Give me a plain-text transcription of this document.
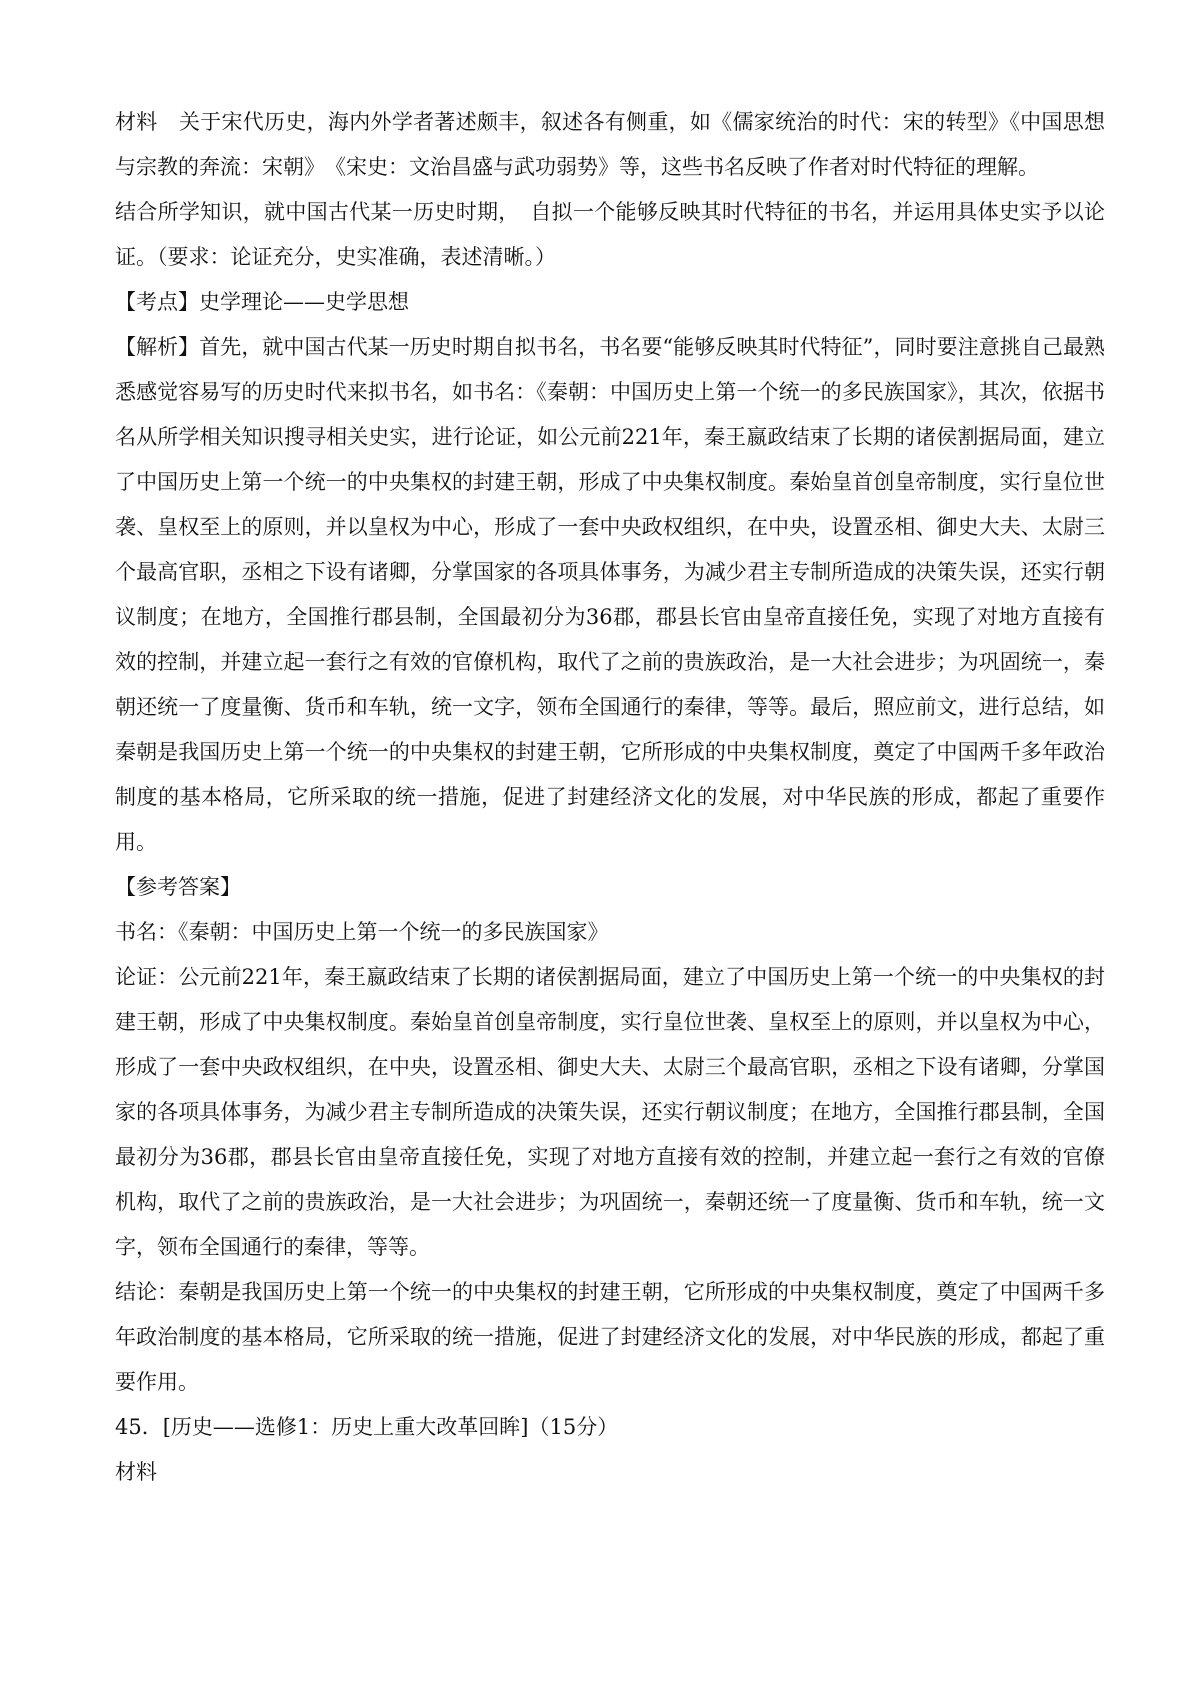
材料　关于宋代历史，海内外学者著述颇丰，叙述各有侧重，如《儒家统治的时代：宋的转型》《中国思想与宗教的奔流：宋朝》　《宋史：文治昌盛与武功弱势》等，这些书名反映了作者对时代特征的理解。

结合所学知识，就中国古代某一历史时期，　自拟一个能够反映其时代特征的书名，并运用具体史实予以论证。（要求：论证充分，史实准确，表述清晰。）

【考点】史学理论——史学思想

【解析】首先，就中国古代某一历史时期自拟书名，书名要“能够反映其时代特征”，同时要注意挑自己最熟悉感觉容易写的历史时代来拟书名，如书名：《秦朝：中国历史上第一个统一的多民族国家》，其次，依据书名从所学相关知识搜寻相关史实，进行论证，如公元前221年，秦王嬴政结束了长期的诸侯割据局面，建立了中国历史上第一个统一的中央集权的封建王朝，形成了中央集权制度。秦始皇首创皇帝制度，实行皇位世袭、皇权至上的原则，并以皇权为中心，形成了一套中央政权组织，在中央，设置丞相、御史大夫、太尉三个最高官职，丞相之下设有诸卿，分掌国家的各项具体事务，为减少君主专制所造成的决策失误，还实行朝议制度；在地方，全国推行郡县制，全国最初分为36郡，郡县长官由皇帝直接任免，实现了对地方直接有效的控制，并建立起一套行之有效的官僚机构，取代了之前的贵族政治，是一大社会进步；为巩固统一，秦朝还统一了度量衡、货币和车轨，统一文字，领布全国通行的秦律，等等。最后，照应前文，进行总结，如秦朝是我国历史上第一个统一的中央集权的封建王朝，它所形成的中央集权制度，奠定了中国两千多年政治制度的基本格局，它所采取的统一措施，促进了封建经济文化的发展，对中华民族的形成，都起了重要作用。

【参考答案】

书名：《秦朝：中国历史上第一个统一的多民族国家》

论证：公元前221年，秦王嬴政结束了长期的诸侯割据局面，建立了中国历史上第一个统一的中央集权的封建王朝，形成了中央集权制度。秦始皇首创皇帝制度，实行皇位世袭、皇权至上的原则，并以皇权为中心，形成了一套中央政权组织，在中央，设置丞相、御史大夫、太尉三个最高官职，丞相之下设有诸卿，分掌国家的各项具体事务，为减少君主专制所造成的决策失误，还实行朝议制度；在地方，全国推行郡县制，全国最初分为36郡，郡县长官由皇帝直接任免，实现了对地方直接有效的控制，并建立起一套行之有效的官僚机构，取代了之前的贵族政治，是一大社会进步；为巩固统一，秦朝还统一了度量衡、货币和车轨，统一文字，领布全国通行的秦律，等等。

结论：秦朝是我国历史上第一个统一的中央集权的封建王朝，它所形成的中央集权制度，奠定了中国两千多年政治制度的基本格局，它所采取的统一措施，促进了封建经济文化的发展，对中华民族的形成，都起了重要作用。

45．[历史——选修1：历史上重大改革回眸]（15分）

材料
